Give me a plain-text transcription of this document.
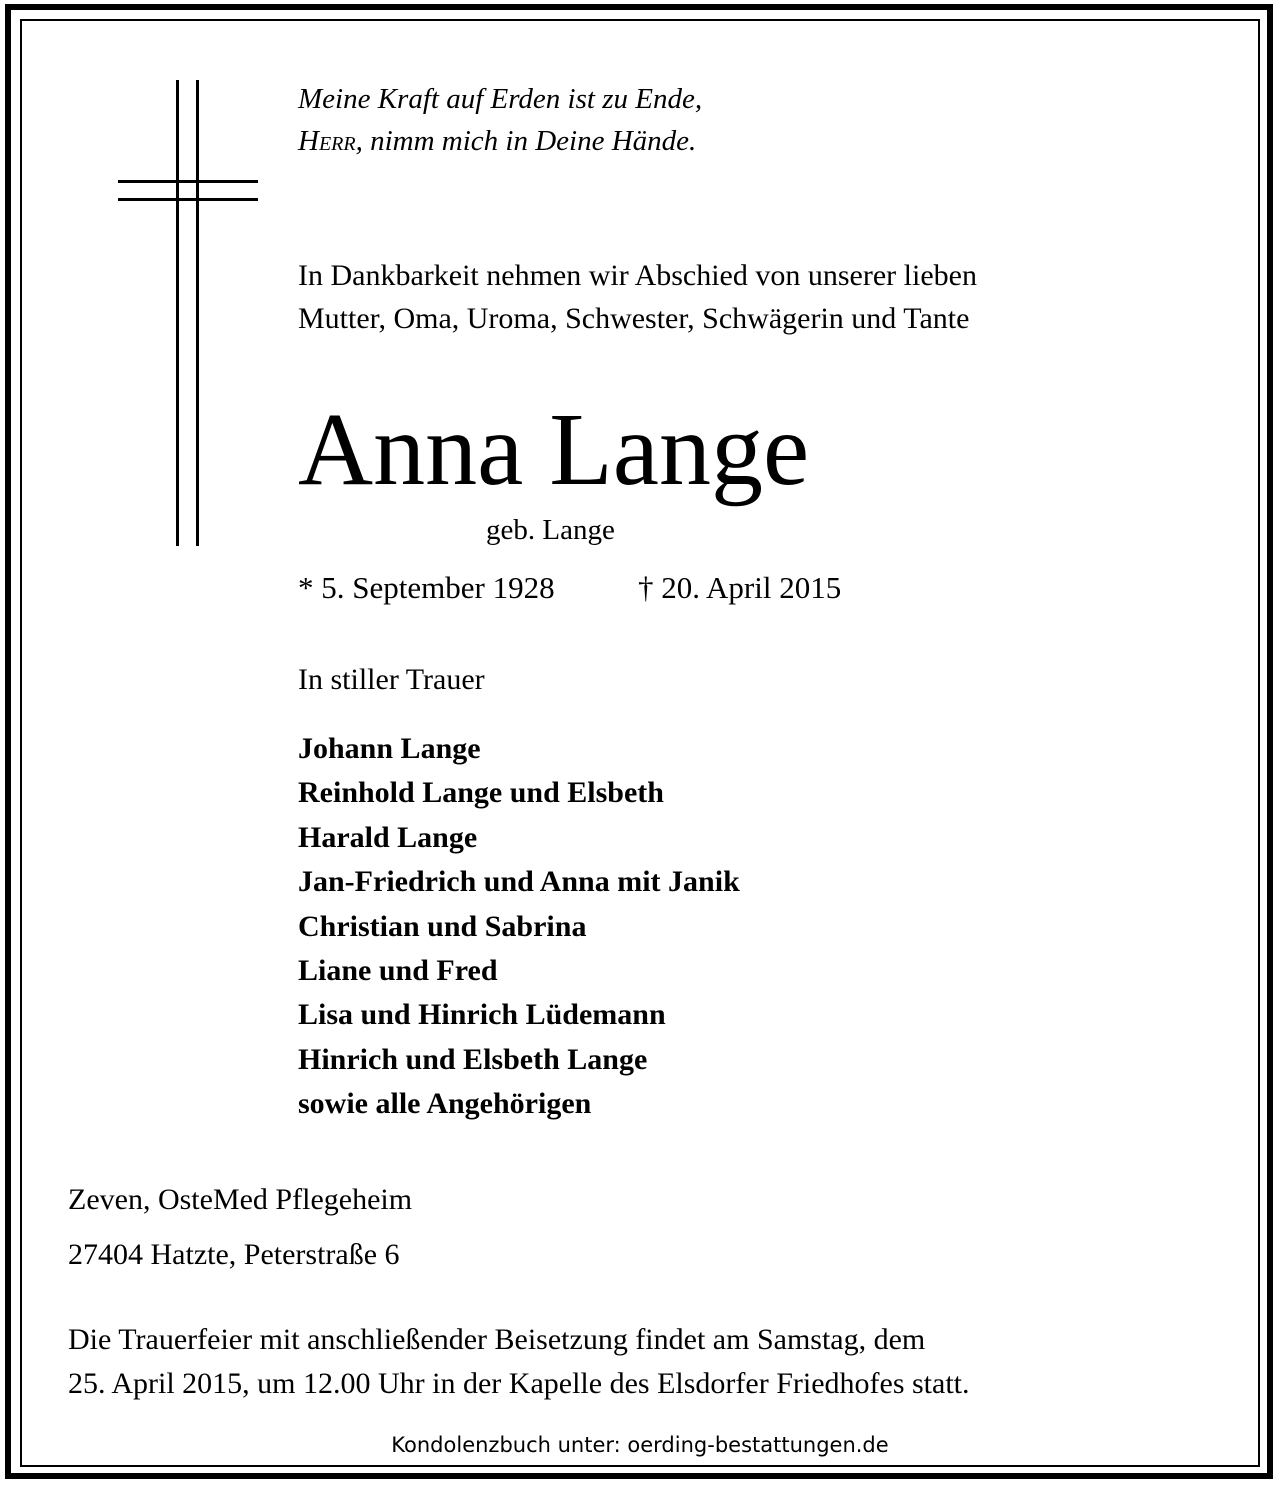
Meine Kraft auf Erden ist zu Ende,
Herr, nimm mich in Deine Hände.
In Dankbarkeit nehmen wir Abschied von unserer lieben
Mutter, Oma, Uroma, Schwester, Schwägerin und Tante
Anna Lange
geb. Lange
* 5. September 1928	† 20. April 2015
In stiller Trauer
Johann Lange
Reinhold Lange und Elsbeth
Harald Lange
Jan-Friedrich und Anna mit Janik
Christian und Sabrina
Liane und Fred
Lisa und Hinrich Lüdemann
Hinrich und Elsbeth Lange
sowie alle Angehörigen
Zeven, OsteMed Pflegeheim
27404 Hatzte, Peterstraße 6
Die Trauerfeier mit anschließender Beisetzung findet am Samstag, dem
25. April 2015, um 12.00 Uhr in der Kapelle des Elsdorfer Friedhofes statt.
Kondolenzbuch unter: oerding-bestattungen.de
